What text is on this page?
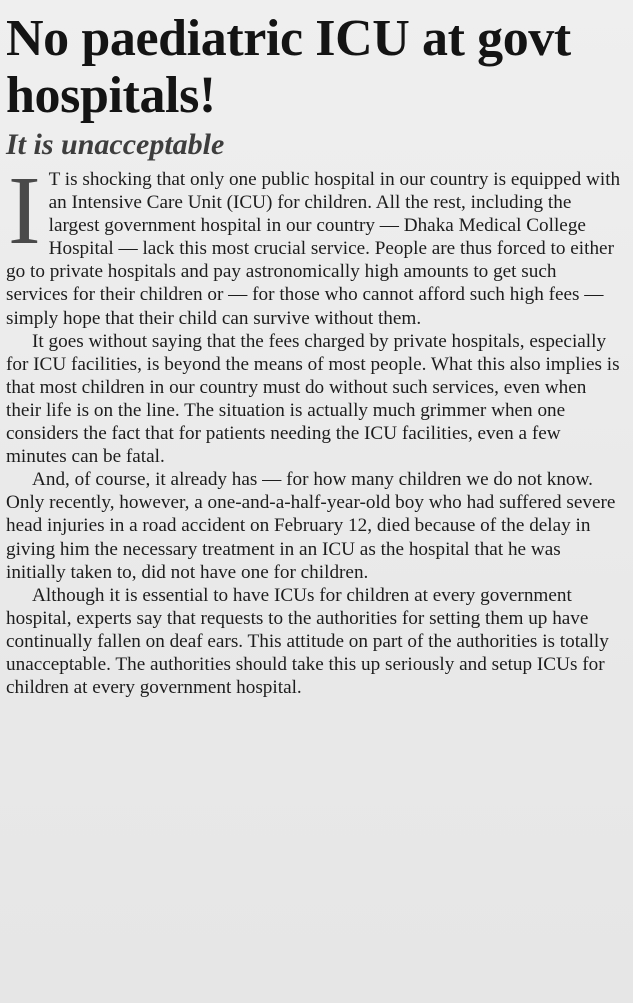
No paediatric ICU at govt hospitals!
It is unacceptable

I T is shocking that only one public hospital in our country is equipped with an Intensive Care Unit (ICU) for children. All the rest, including the largest government hospital in our country — Dhaka Medical College Hospital — lack this most crucial service. People are thus forced to either go to private hospitals and pay astronomically high amounts to get such services for their children or — for those who cannot afford such high fees — simply hope that their child can survive without them.

It goes without saying that the fees charged by private hospitals, especially for ICU facilities, is beyond the means of most people. What this also implies is that most children in our country must do without such services, even when their life is on the line. The situation is actually much grimmer when one considers the fact that for patients needing the ICU facilities, even a few minutes can be fatal.

And, of course, it already has — for how many children we do not know. Only recently, however, a one-and-a-half-year-old boy who had suffered severe head injuries in a road accident on February 12, died because of the delay in giving him the necessary treatment in an ICU as the hospital that he was initially taken to, did not have one for children.

Although it is essential to have ICUs for children at every government hospital, experts say that requests to the authorities for setting them up have continually fallen on deaf ears. This attitude on part of the authorities is totally unacceptable. The authorities should take this up seriously and setup ICUs for children at every government hospital.
